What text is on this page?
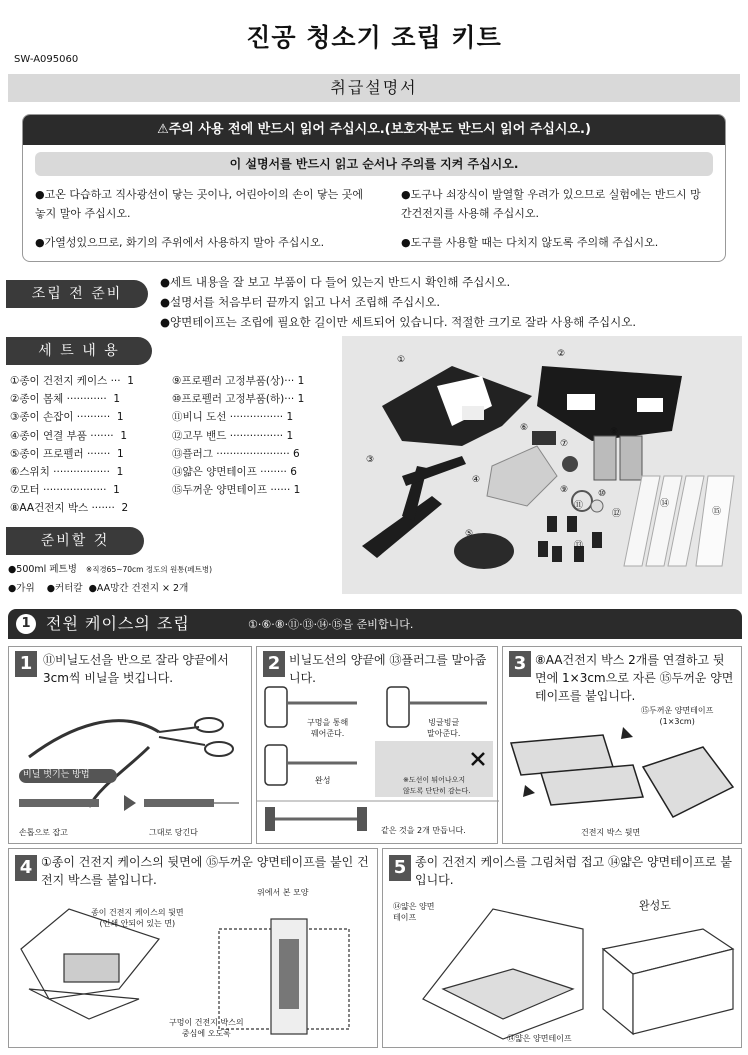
진공 청소기 조립 키트
SW-A095060
취급설명서
⚠주의 사용 전에 반드시 읽어 주십시오.(보호자분도 반드시 읽어 주십시오.)
이 설명서를 반드시 읽고 순서나 주의를 지켜 주십시오.
●고온 다습하고 직사광선이 닿는 곳이나, 어린아이의 손이 닿는 곳에 놓지 말아 주십시오.
●도구나 쇠장식이 발열할 우려가 있으므로 실험에는 반드시 망간건전지를 사용해 주십시오.
●가열성있으므로, 화기의 주위에서 사용하지 말아 주십시오.	●도구를 사용할 때는 다치지 않도록 주의해 주십시오.
조립 전 준비
●세트 내용을 잘 보고 부품이 다 들어 있는지 반드시 확인해 주십시오.
●설명서를 처음부터 끝까지 읽고 나서 조립해 주십시오.
●양면테이프는 조립에 필요한 길이만 세트되어 있습니다. 적절한 크기로 잘라 사용해 주십시오.
세 트 내 용
①종이 건전지 케이스 ···  1
②종이 몸체 ············  1
③종이 손잡이 ··········  1
④종이 연결 부품 ·······  1
⑤종이 프로펠러 ·······  1
⑥스위치 ·················  1
⑦모터 ···················  1
⑧AA건전지 박스 ·······  2
⑨프로펠러 고정부품(상)··· 1
⑩프로펠러 고정부품(하)··· 1
⑪비니 도선 ················ 1
⑫고무 밴드 ················ 1
⑬플러그 ······················ 6
⑭얇은 양면테이프 ········ 6
⑮두꺼운 양면테이프 ······ 1
준비할 것
●500ml 페트병 ※직경65~70cm 정도의 원통(페트병)
●가위    ●커터칼  ●AA망간 건전지 × 2개
①
②
③
④
⑤
⑥
⑦
⑧
⑨	⑩
⑪
⑫
⑬
⑭
⑮
1 전원 케이스의 조립	①·⑥·⑧·⑪·⑬·⑭·⑮을 준비합니다.
1 ⑪비닐도선을 반으로 잘라 양끝에서 3cm씩 비닐을 벗깁니다.
비닐 벗기는 방법
손톱으로 잡고	그대로 당긴다
2 비닐도선의 양끝에 ⑬플러그를 말아줍니다.
구멍을 통해
꿰어준다.
빙글빙글
말아준다.
완성	※도선이 튀어나오지
않도록 단단히 감는다.
같은 것을 2개 만듭니다.
3 ⑧AA건전지 박스 2개를 연결하고 뒷면에 1×3cm으로 자른 ⑮두꺼운 양면테이프를 붙입니다.
⑮두꺼운 양면테이프
(1×3cm)
건전지 박스 뒷면
4 ①종이 건전지 케이스의 뒷면에 ⑮두꺼운 양면테이프를 붙인 건전지 박스를 붙입니다.
위에서 본 모양
종이 건전지 케이스의 뒷면
(인쇄 안되어 있는 면)
구멍이 건전지 박스의
중심에 오도록
5 종이 건전지 케이스를 그림처럼 접고 ⑭얇은 양면테이프로 붙입니다.
⑭얇은 양면
테이프
완성도
⑭얇은 양면테이프
